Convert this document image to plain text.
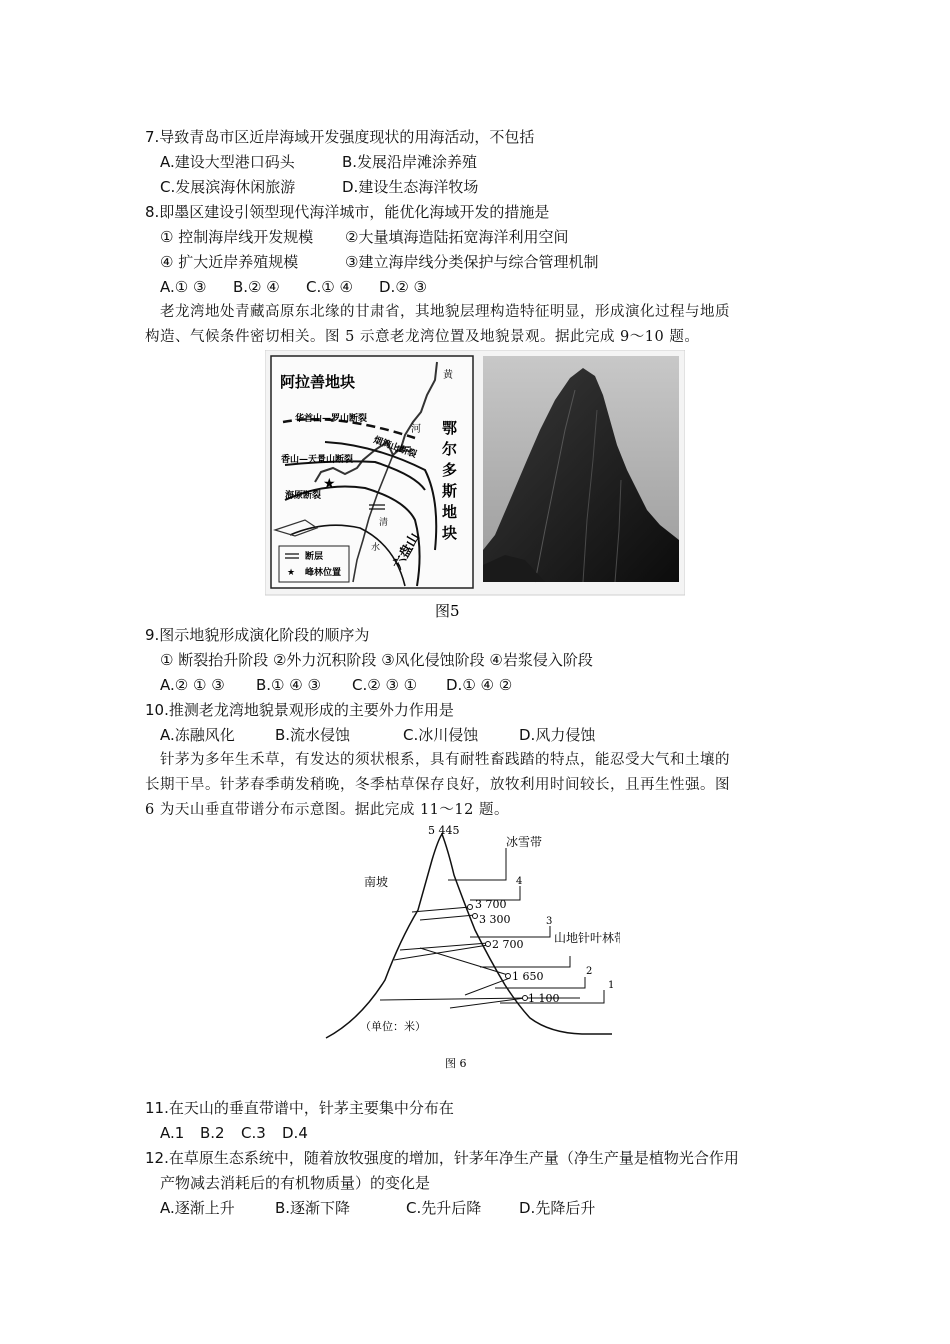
7.导致青岛市区近岸海域开发强度现状的用海活动，不包括
A.建设大型港口码头	B.发展沿岸滩涂养殖
C.发展滨海休闲旅游	D.建设生态海洋牧场
8.即墨区建设引领型现代海洋城市，能优化海域开发的措施是
① 控制海岸线开发规模 ②大量填海造陆拓宽海洋利用空间
④ 扩大近岸养殖规模	③建立海岸线分类保护与综合管理机制
A.① ③ B.② ④ C.① ④ D.② ③
老龙湾地处青藏高原东北缘的甘肃省，其地貌层理构造特征明显，形成演化过程与地质
构造、气候条件密切相关。图 5 示意老龙湾位置及地貌景观。据此完成 9～10 题。
★
阿拉善地块
华首山—罗山断裂
烟筒山断裂
香山—天景山断裂
海原断裂
黄
河
清
水 六盘山
鄂尔多斯地块
断层
★ 峰林位置
图5
9.图示地貌形成演化阶段的顺序为
① 断裂抬升阶段 ②外力沉积阶段 ③风化侵蚀阶段 ④岩浆侵入阶段
A.② ① ③ B.① ④ ③ C.② ③ ① D.① ④ ②
10.推测老龙湾地貌景观形成的主要外力作用是
A.冻融风化	B.流水侵蚀	C.冰川侵蚀	D.风力侵蚀
针茅为多年生禾草，有发达的须状根系，具有耐牲畜践踏的特点，能忍受大气和土壤的
长期干旱。针茅春季萌发稍晚，冬季枯草保存良好，放牧利用时间较长，且再生性强。图
6 为天山垂直带谱分布示意图。据此完成 11～12 题。
5 445
冰雪带
南坡	4
3 700
3 300	3
山地针叶林带
2 700
2
1 650
1 100
1
（单位：米）
图 6
11.在天山的垂直带谱中，针茅主要集中分布在
A.1 B.2 C.3 D.4
12.在草原生态系统中，随着放牧强度的增加，针茅年净生产量（净生产量是植物光合作用
产物减去消耗后的有机物质量）的变化是
A.逐渐上升	B.逐渐下降	C.先升后降	D.先降后升
